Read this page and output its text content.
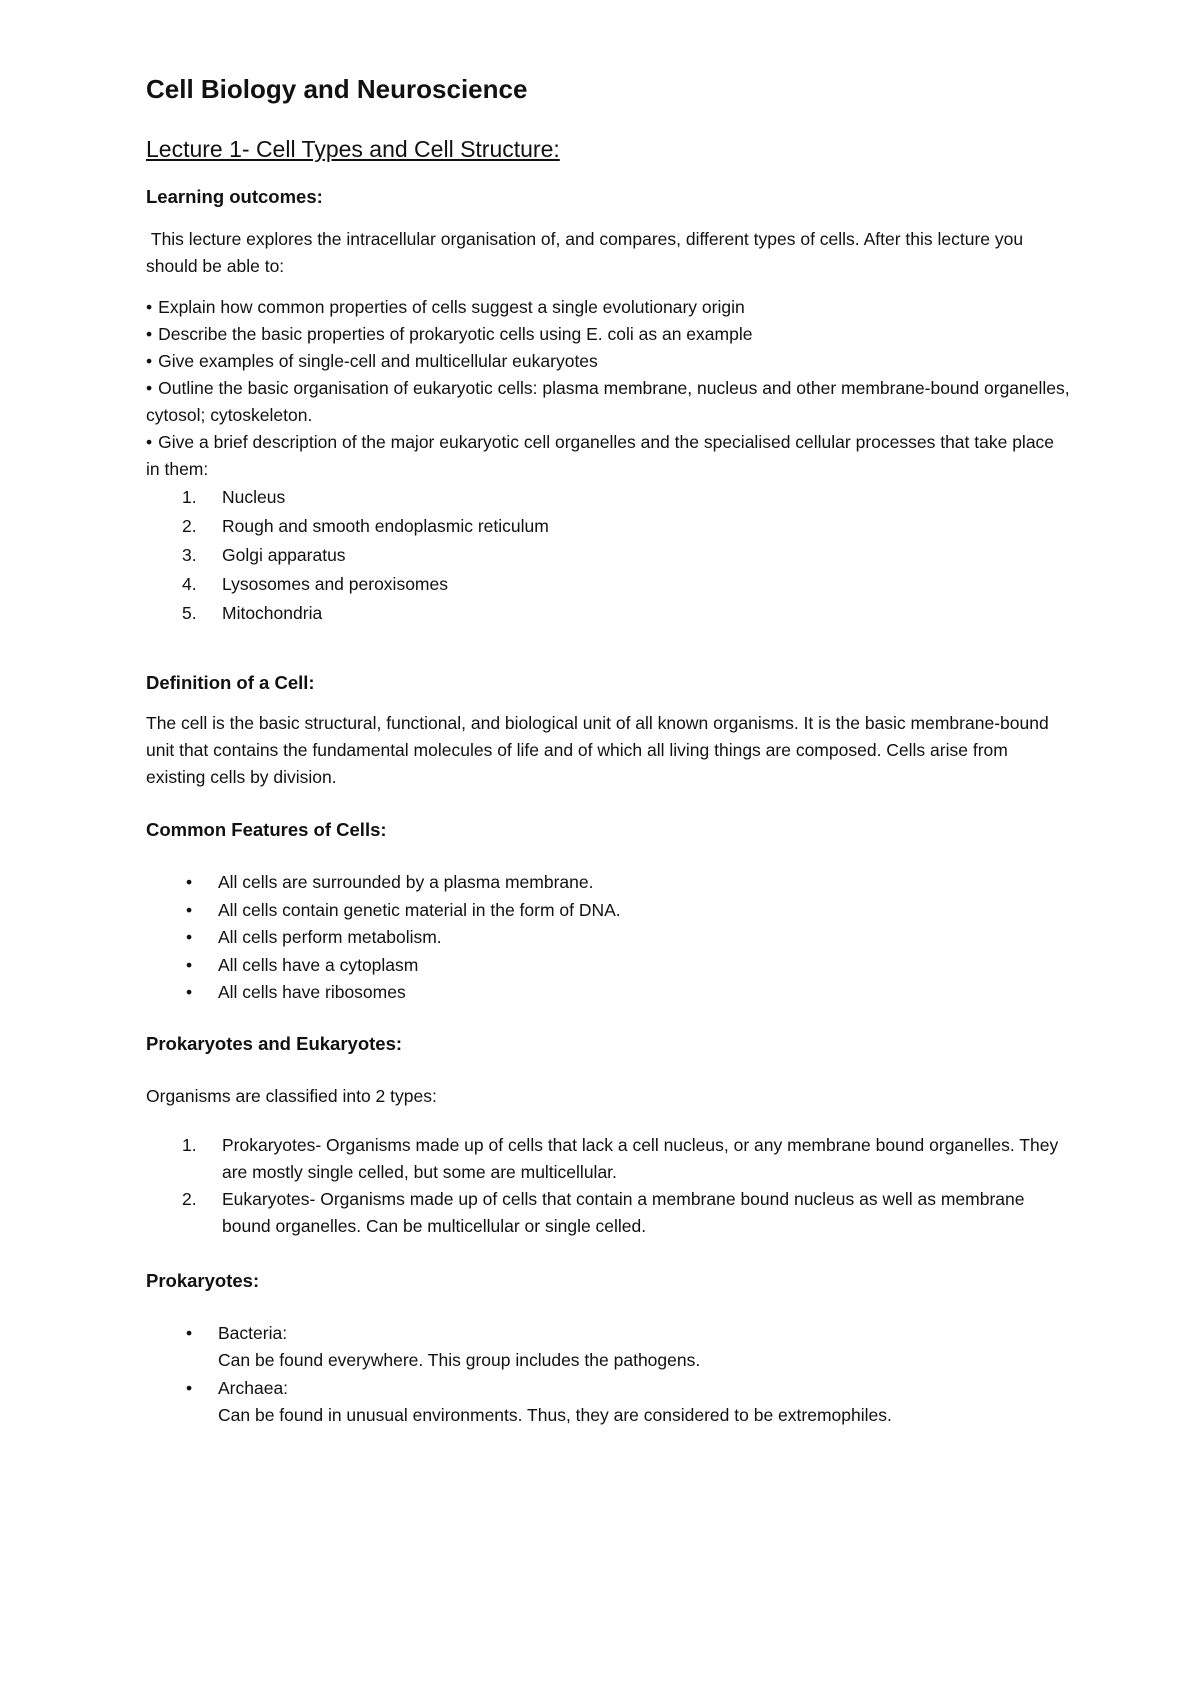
Cell Biology and Neuroscience
Lecture 1- Cell Types and Cell Structure:
Learning outcomes:
This lecture explores the intracellular organisation of, and compares, different types of cells. After this lecture you should be able to:
• Explain how common properties of cells suggest a single evolutionary origin
• Describe the basic properties of prokaryotic cells using E. coli as an example
• Give examples of single-cell and multicellular eukaryotes
• Outline the basic organisation of eukaryotic cells: plasma membrane, nucleus and other membrane-bound organelles, cytosol; cytoskeleton.
• Give a brief description of the major eukaryotic cell organelles and the specialised cellular processes that take place in them:
1.	Nucleus
2.	Rough and smooth endoplasmic reticulum
3.	Golgi apparatus
4.	Lysosomes and peroxisomes
5.	Mitochondria
Definition of a Cell:
The cell is the basic structural, functional, and biological unit of all known organisms. It is the basic membrane-bound unit that contains the fundamental molecules of life and of which all living things are composed. Cells arise from existing cells by division.
Common Features of Cells:
•	All cells are surrounded by a plasma membrane.
•	All cells contain genetic material in the form of DNA.
•	All cells perform metabolism.
•	All cells have a cytoplasm
•	All cells have ribosomes
Prokaryotes and Eukaryotes:
Organisms are classified into 2 types:
1.	Prokaryotes- Organisms made up of cells that lack a cell nucleus, or any membrane bound organelles. They are mostly single celled, but some are multicellular.
2.	Eukaryotes- Organisms made up of cells that contain a membrane bound nucleus as well as membrane bound organelles. Can be multicellular or single celled.
Prokaryotes:
•	Bacteria:
Can be found everywhere. This group includes the pathogens.
•	Archaea:
Can be found in unusual environments. Thus, they are considered to be extremophiles.
